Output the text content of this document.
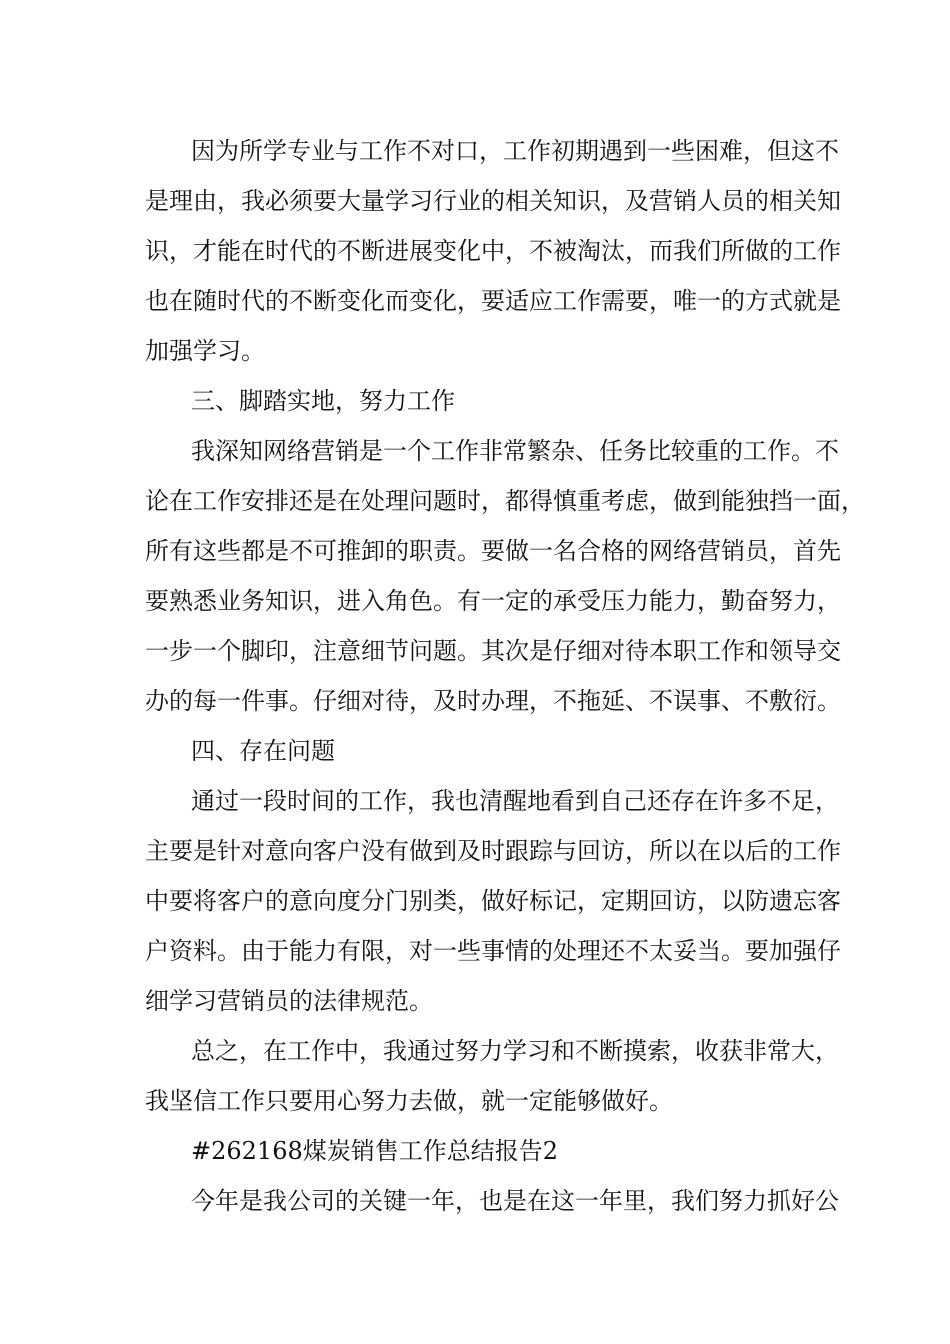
因为所学专业与工作不对口，工作初期遇到一些困难，但这不
是理由，我必须要大量学习行业的相关知识，及营销人员的相关知
识，才能在时代的不断进展变化中，不被淘汰，而我们所做的工作
也在随时代的不断变化而变化，要适应工作需要，唯一的方式就是
加强学习。
三、脚踏实地，努力工作
我深知网络营销是一个工作非常繁杂、任务比较重的工作。不
论在工作安排还是在处理问题时，都得慎重考虑，做到能独挡一面，
所有这些都是不可推卸的职责。要做一名合格的网络营销员，首先
要熟悉业务知识，进入角色。有一定的承受压力能力，勤奋努力，
一步一个脚印，注意细节问题。其次是仔细对待本职工作和领导交
办的每一件事。仔细对待，及时办理，不拖延、不误事、不敷衍。
四、存在问题
通过一段时间的工作，我也清醒地看到自己还存在许多不足，
主要是针对意向客户没有做到及时跟踪与回访，所以在以后的工作
中要将客户的意向度分门别类，做好标记，定期回访，以防遗忘客
户资料。由于能力有限，对一些事情的处理还不太妥当。要加强仔
细学习营销员的法律规范。
总之，在工作中，我通过努力学习和不断摸索，收获非常大，
我坚信工作只要用心努力去做，就一定能够做好。
#262168煤炭销售工作总结报告2
今年是我公司的关键一年，也是在这一年里，我们努力抓好公
